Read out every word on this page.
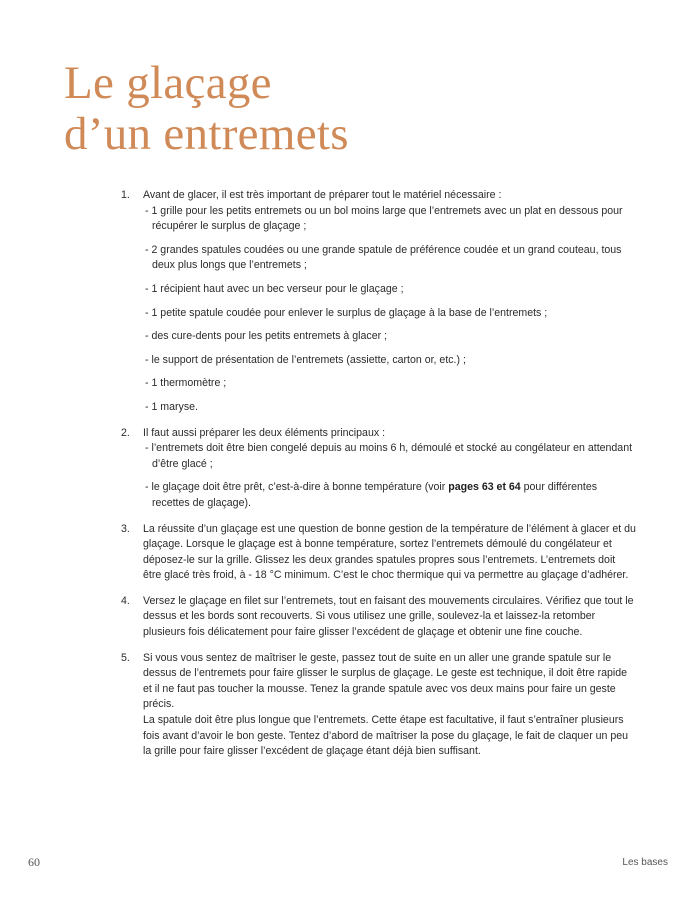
Le glaçage
d’un entremets
1. Avant de glacer, il est très important de préparer tout le matériel nécessaire :
- 1 grille pour les petits entremets ou un bol moins large que l’entremets avec un plat en dessous pour récupérer le surplus de glaçage ;
- 2 grandes spatules coudées ou une grande spatule de préférence coudée et un grand couteau, tous deux plus longs que l’entremets ;
- 1 récipient haut avec un bec verseur pour le glaçage ;
- 1 petite spatule coudée pour enlever le surplus de glaçage à la base de l’entremets ;
- des cure-dents pour les petits entremets à glacer ;
- le support de présentation de l’entremets (assiette, carton or, etc.) ;
- 1 thermomètre ;
- 1 maryse.
2. Il faut aussi préparer les deux éléments principaux :
- l’entremets doit être bien congelé depuis au moins 6 h, démoulé et stocké au congélateur en attendant d’être glacé ;
- le glaçage doit être prêt, c’est-à-dire à bonne température (voir pages 63 et 64 pour différentes recettes de glaçage).
3. La réussite d’un glaçage est une question de bonne gestion de la température de l’élément à glacer et du glaçage. Lorsque le glaçage est à bonne température, sortez l’entremets démoulé du congélateur et déposez-le sur la grille. Glissez les deux grandes spatules propres sous l’entremets. L’entremets doit être glacé très froid, à - 18 °C minimum. C’est le choc thermique qui va permettre au glaçage d’adhérer.
4. Versez le glaçage en filet sur l’entremets, tout en faisant des mouvements circulaires. Vérifiez que tout le dessus et les bords sont recouverts. Si vous utilisez une grille, soulevez-la et laissez-la retomber plusieurs fois délicatement pour faire glisser l’excédent de glaçage et obtenir une fine couche.
5. Si vous vous sentez de maîtriser le geste, passez tout de suite en un aller une grande spatule sur le dessus de l’entremets pour faire glisser le surplus de glaçage. Le geste est technique, il doit être rapide et il ne faut pas toucher la mousse. Tenez la grande spatule avec vos deux mains pour faire un geste précis.
La spatule doit être plus longue que l’entremets. Cette étape est facultative, il faut s’entraîner plusieurs fois avant d’avoir le bon geste. Tentez d’abord de maîtriser la pose du glaçage, le fait de claquer un peu la grille pour faire glisser l’excédent de glaçage étant déjà bien suffisant.
60	Les bases
